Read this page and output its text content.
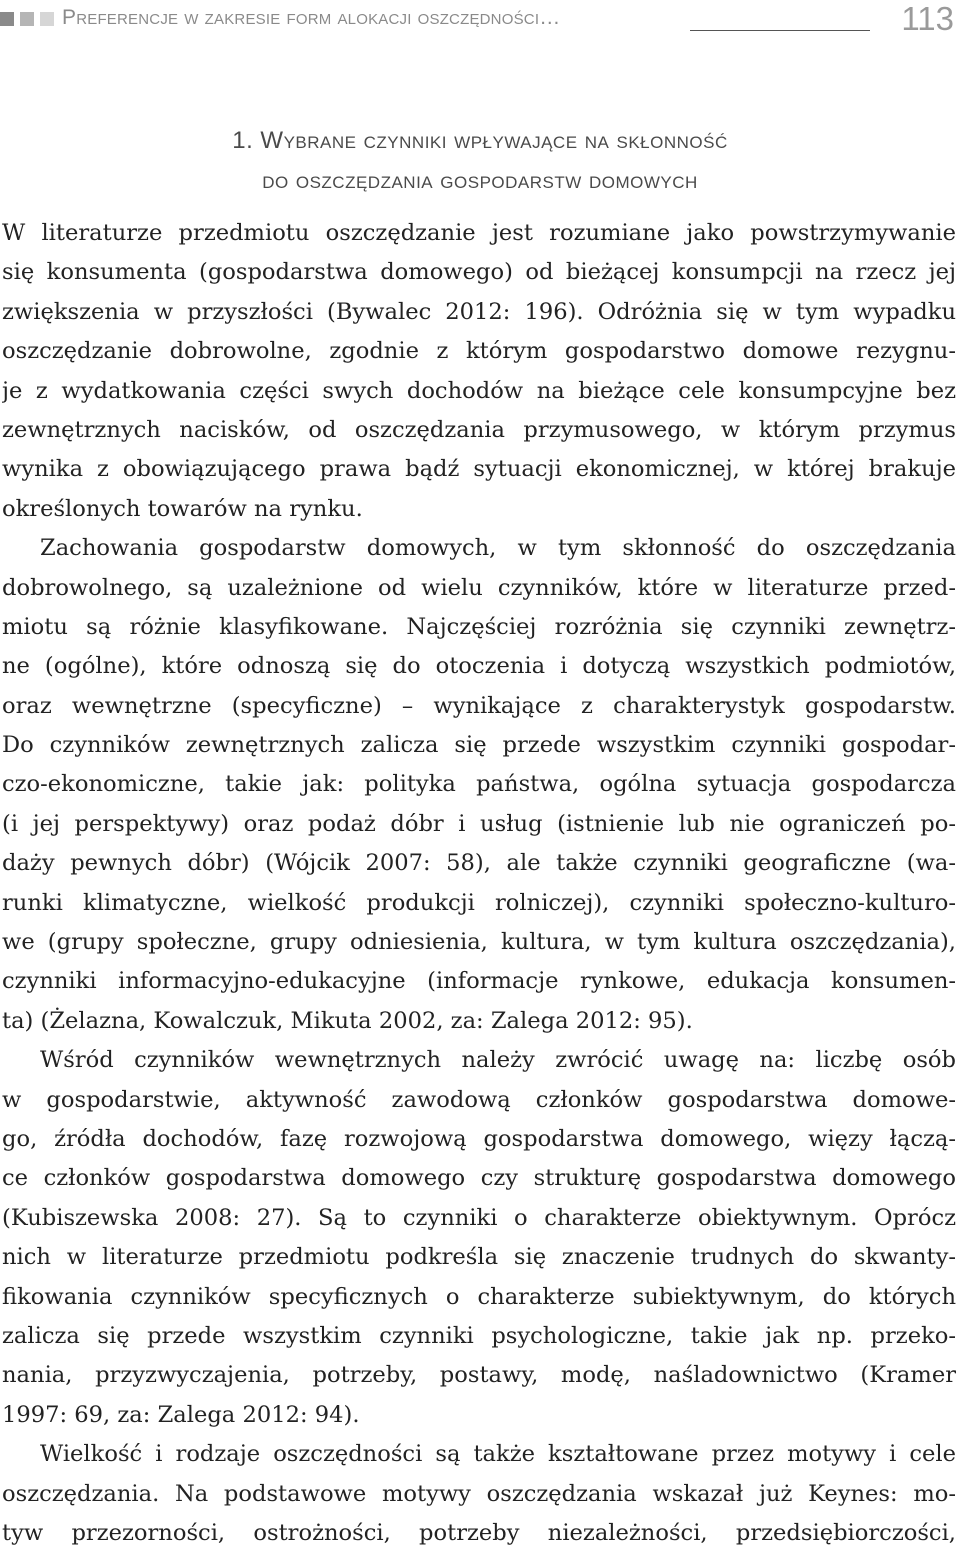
Preferencje w zakresie form alokacji oszczędności…	113
1. Wybrane czynniki wpływające na skłonność
do oszczędzania gospodarstw domowych
W literaturze przedmiotu oszczędzanie jest rozumiane jako powstrzymywanie
się konsumenta (gospodarstwa domowego) od bieżącej konsumpcji na rzecz jej
zwiększenia w przyszłości (Bywalec 2012: 196). Odróżnia się w tym wypadku
oszczędzanie dobrowolne, zgodnie z którym gospodarstwo domowe rezygnu-
je z wydatkowania części swych dochodów na bieżące cele konsumpcyjne bez
zewnętrznych nacisków, od oszczędzania przymusowego, w którym przymus
wynika z obowiązującego prawa bądź sytuacji ekonomicznej, w której brakuje
określonych towarów na rynku.
Zachowania gospodarstw domowych, w tym skłonność do oszczędzania
dobrowolnego, są uzależnione od wielu czynników, które w literaturze przed-
miotu są różnie klasyfikowane. Najczęściej rozróżnia się czynniki zewnętrz-
ne (ogólne), które odnoszą się do otoczenia i dotyczą wszystkich podmiotów,
oraz wewnętrzne (specyficzne) – wynikające z charakterystyk gospodarstw.
Do czynników zewnętrznych zalicza się przede wszystkim czynniki gospodar-
czo-ekonomiczne, takie jak: polityka państwa, ogólna sytuacja gospodarcza
(i jej perspektywy) oraz podaż dóbr i usług (istnienie lub nie ograniczeń po-
daży pewnych dóbr) (Wójcik 2007: 58), ale także czynniki geograficzne (wa-
runki klimatyczne, wielkość produkcji rolniczej), czynniki społeczno-kulturo-
we (grupy społeczne, grupy odniesienia, kultura, w tym kultura oszczędzania),
czynniki informacyjno-edukacyjne (informacje rynkowe, edukacja konsumen-
ta) (Żelazna, Kowalczuk, Mikuta 2002, za: Zalega 2012: 95).
Wśród czynników wewnętrznych należy zwrócić uwagę na: liczbę osób
w gospodarstwie, aktywność zawodową członków gospodarstwa domowe-
go, źródła dochodów, fazę rozwojową gospodarstwa domowego, więzy łączą-
ce członków gospodarstwa domowego czy strukturę gospodarstwa domowego
(Kubiszewska 2008: 27). Są to czynniki o charakterze obiektywnym. Oprócz
nich w literaturze przedmiotu podkreśla się znaczenie trudnych do skwanty-
fikowania czynników specyficznych o charakterze subiektywnym, do których
zalicza się przede wszystkim czynniki psychologiczne, takie jak np. przeko-
nania, przyzwyczajenia, potrzeby, postawy, modę, naśladownictwo (Kramer
1997: 69, za: Zalega 2012: 94).
Wielkość i rodzaje oszczędności są także kształtowane przez motywy i cele
oszczędzania. Na podstawowe motywy oszczędzania wskazał już Keynes: mo-
tyw przezorności, ostrożności, potrzeby niezależności, przedsiębiorczości,
